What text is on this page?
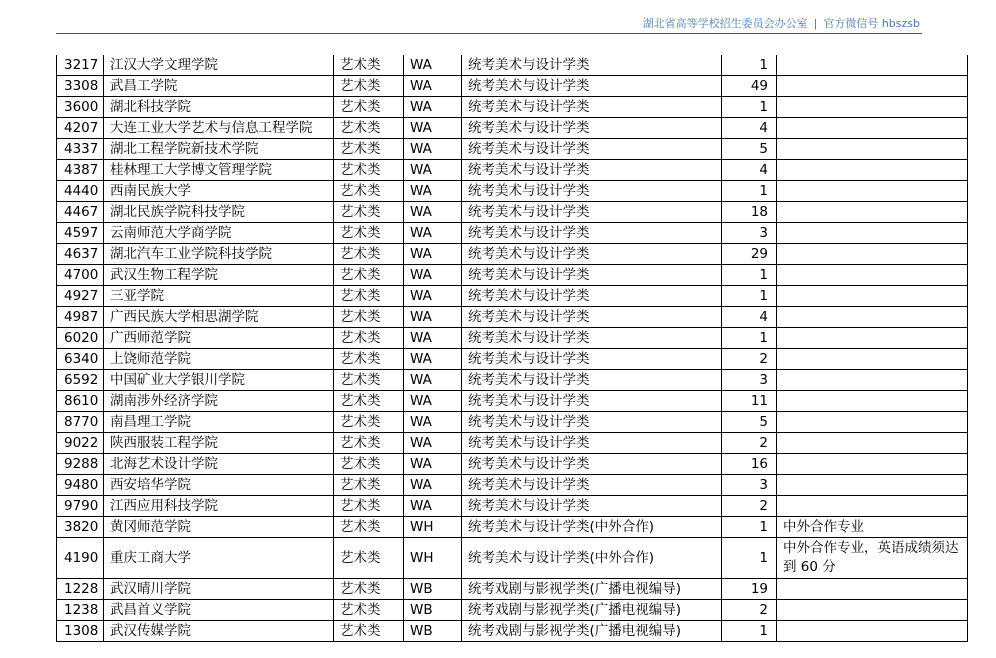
湖北省高等学校招生委员会办公室 | 官方微信号 hbszsb
3217	江汉大学文理学院	艺术类	WA	统考美术与设计学类	1	
3308	武昌工学院	艺术类	WA	统考美术与设计学类	49	
3600	湖北科技学院	艺术类	WA	统考美术与设计学类	1	
4207	大连工业大学艺术与信息工程学院	艺术类	WA	统考美术与设计学类	4	
4337	湖北工程学院新技术学院	艺术类	WA	统考美术与设计学类	5	
4387	桂林理工大学博文管理学院	艺术类	WA	统考美术与设计学类	4	
4440	西南民族大学	艺术类	WA	统考美术与设计学类	1	
4467	湖北民族学院科技学院	艺术类	WA	统考美术与设计学类	18	
4597	云南师范大学商学院	艺术类	WA	统考美术与设计学类	3	
4637	湖北汽车工业学院科技学院	艺术类	WA	统考美术与设计学类	29	
4700	武汉生物工程学院	艺术类	WA	统考美术与设计学类	1	
4927	三亚学院	艺术类	WA	统考美术与设计学类	1	
4987	广西民族大学相思湖学院	艺术类	WA	统考美术与设计学类	4	
6020	广西师范学院	艺术类	WA	统考美术与设计学类	1	
6340	上饶师范学院	艺术类	WA	统考美术与设计学类	2	
6592	中国矿业大学银川学院	艺术类	WA	统考美术与设计学类	3	
8610	湖南涉外经济学院	艺术类	WA	统考美术与设计学类	11	
8770	南昌理工学院	艺术类	WA	统考美术与设计学类	5	
9022	陕西服装工程学院	艺术类	WA	统考美术与设计学类	2	
9288	北海艺术设计学院	艺术类	WA	统考美术与设计学类	16	
9480	西安培华学院	艺术类	WA	统考美术与设计学类	3	
9790	江西应用科技学院	艺术类	WA	统考美术与设计学类	2	
3820	黄冈师范学院	艺术类	WH	统考美术与设计学类(中外合作)	1	中外合作专业
4190	重庆工商大学	艺术类	WH	统考美术与设计学类(中外合作)	1	中外合作专业，英语成绩须达到 60 分
1228	武汉晴川学院	艺术类	WB	统考戏剧与影视学类(广播电视编导)	19	
1238	武昌首义学院	艺术类	WB	统考戏剧与影视学类(广播电视编导)	2	
1308	武汉传媒学院	艺术类	WB	统考戏剧与影视学类(广播电视编导)	1	
